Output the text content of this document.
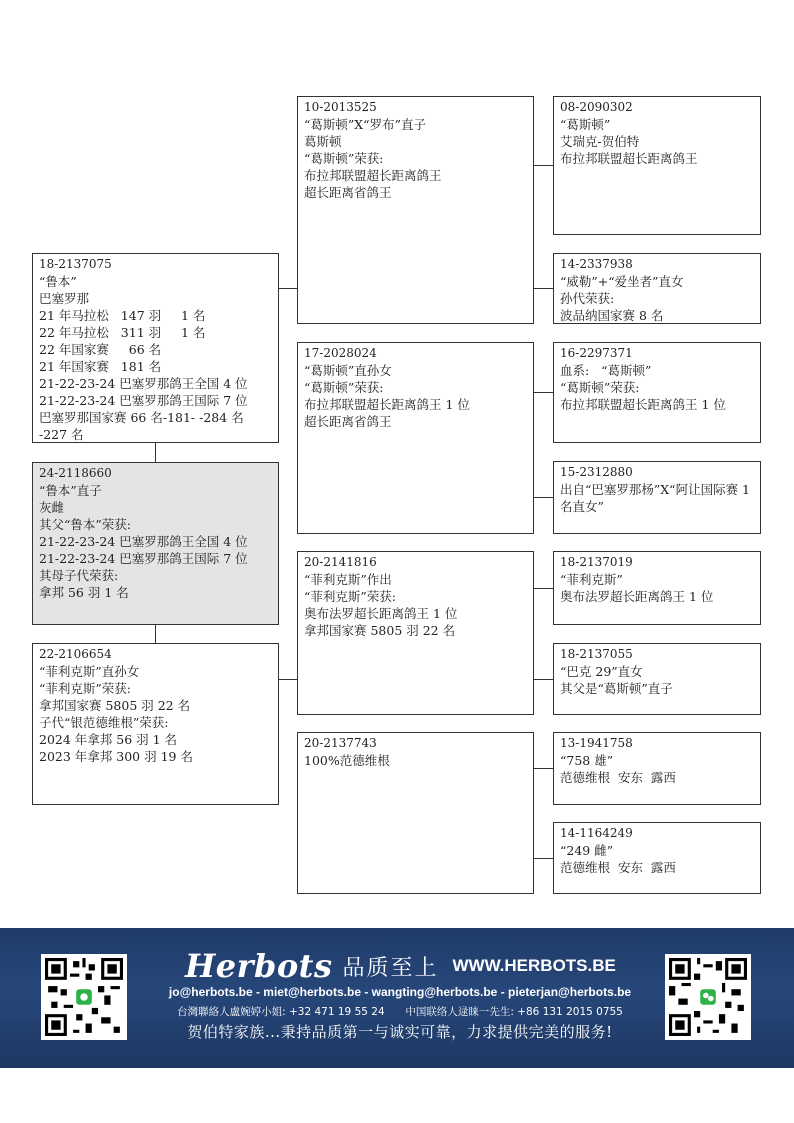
18-2137075
“鲁本”
巴塞罗那
21 年马拉松   147 羽     1 名
22 年马拉松   311 羽     1 名
22 年国家赛     66 名
21 年国家赛   181 名
21-22-23-24 巴塞罗那鸽王全国 4 位
21-22-23-24 巴塞罗那鸽王国际 7 位
巴塞罗那国家赛 66 名-181- -284 名
-227 名
24-2118660
“鲁本”直子
灰雌
其父“鲁本”荣获:
21-22-23-24 巴塞罗那鸽王全国 4 位
21-22-23-24 巴塞罗那鸽王国际 7 位
其母子代荣获:
拿邦 56 羽 1 名
22-2106654
“菲利克斯”直孙女
“菲利克斯”荣获:
拿邦国家赛 5805 羽 22 名
子代“银范德维根”荣获:
2024 年拿邦 56 羽 1 名
2023 年拿邦 300 羽 19 名
10-2013525
“葛斯顿”X“罗布”直子
葛斯顿
“葛斯顿”荣获:
布拉邦联盟超长距离鸽王
超长距离省鸽王
17-2028024
“葛斯顿”直孙女
“葛斯顿”荣获:
布拉邦联盟超长距离鸽王 1 位
超长距离省鸽王
20-2141816
“菲利克斯”作出
“菲利克斯”荣获:
奥布法罗超长距离鸽王 1 位
拿邦国家赛 5805 羽 22 名
20-2137743
100%范德维根
08-2090302
“葛斯顿”
艾瑞克-贺伯特
布拉邦联盟超长距离鸽王
14-2337938
“威勒”+“爱坐者”直女
孙代荣获:
波品纳国家赛 8 名
16-2297371
血系:   “葛斯顿”
“葛斯顿”荣获:
布拉邦联盟超长距离鸽王 1 位
15-2312880
出自“巴塞罗那杨”X“阿让国际赛 1 名直女”
18-2137019
“菲利克斯”
奥布法罗超长距离鸽王 1 位
18-2137055
“巴克 29”直女
其父是“葛斯顿”直子
13-1941758
“758 雄”
范德维根  安东  露西
14-1164249
“249 雌”
范德维根  安东  露西
Herbots 品质至上 WWW.HERBOTS.BE
jo@herbots.be - miet@herbots.be - wangting@herbots.be - pieterjan@herbots.be
台灣聯絡人盧婉婷小姐: +32 471 19 55 24 中国联络人逯睐一先生: +86 131 2015 0755
贺伯特家族...秉持品质第一与诚实可靠，力求提供完美的服务!
